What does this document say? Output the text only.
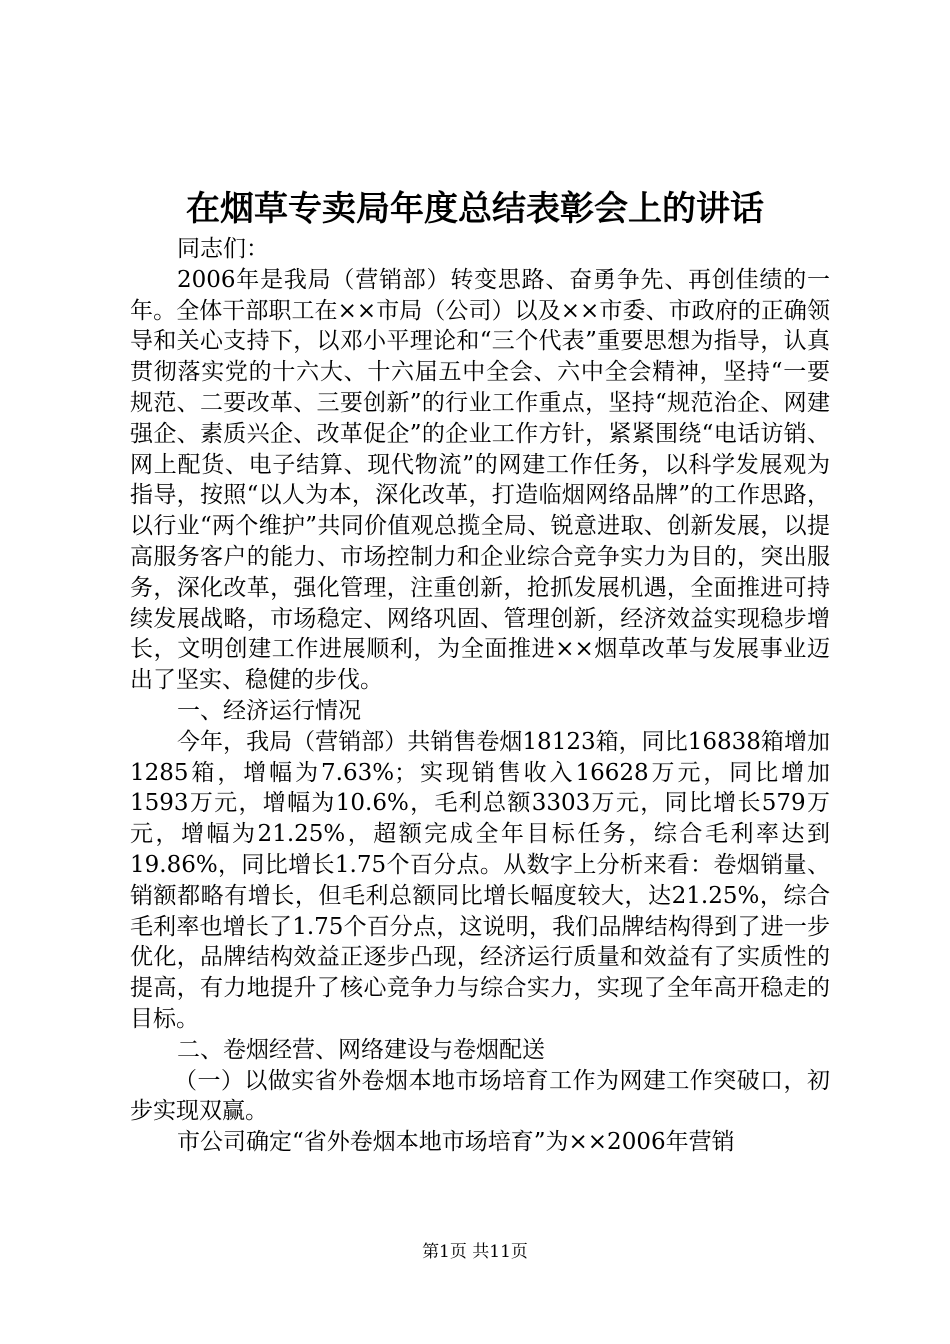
在烟草专卖局年度总结表彰会上的讲话

同志们：

2006年是我局（营销部）转变思路、奋勇争先、再创佳绩的一年。全体干部职工在××市局（公司）以及××市委、市政府的正确领导和关心支持下，以邓小平理论和“三个代表”重要思想为指导，认真贯彻落实党的十六大、十六届五中全会、六中全会精神，坚持“一要规范、二要改革、三要创新”的行业工作重点，坚持“规范治企、网建强企、素质兴企、改革促企”的企业工作方针，紧紧围绕“电话访销、网上配货、电子结算、现代物流”的网建工作任务，以科学发展观为指导，按照“以人为本，深化改革，打造临烟网络品牌”的工作思路，以行业“两个维护”共同价值观总揽全局、锐意进取、创新发展，以提高服务客户的能力、市场控制力和企业综合竞争实力为目的，突出服务，深化改革，强化管理，注重创新，抢抓发展机遇，全面推进可持续发展战略，市场稳定、网络巩固、管理创新，经济效益实现稳步增长，文明创建工作进展顺利，为全面推进××烟草改革与发展事业迈出了坚实、稳健的步伐。

一、经济运行情况

今年，我局（营销部）共销售卷烟18123箱，同比16838箱增加1285箱，增幅为7.63%；实现销售收入16628万元，同比增加1593万元，增幅为10.6%，毛利总额3303万元，同比增长579万元，增幅为21.25%，超额完成全年目标任务，综合毛利率达到19.86%，同比增长1.75个百分点。从数字上分析来看：卷烟销量、销额都略有增长，但毛利总额同比增长幅度较大，达21.25%，综合毛利率也增长了1.75个百分点，这说明，我们品牌结构得到了进一步优化，品牌结构效益正逐步凸现，经济运行质量和效益有了实质性的提高，有力地提升了核心竞争力与综合实力，实现了全年高开稳走的目标。

二、卷烟经营、网络建设与卷烟配送

（一）以做实省外卷烟本地市场培育工作为网建工作突破口，初步实现双赢。

市公司确定“省外卷烟本地市场培育”为××2006年营销

第1页 共11页
